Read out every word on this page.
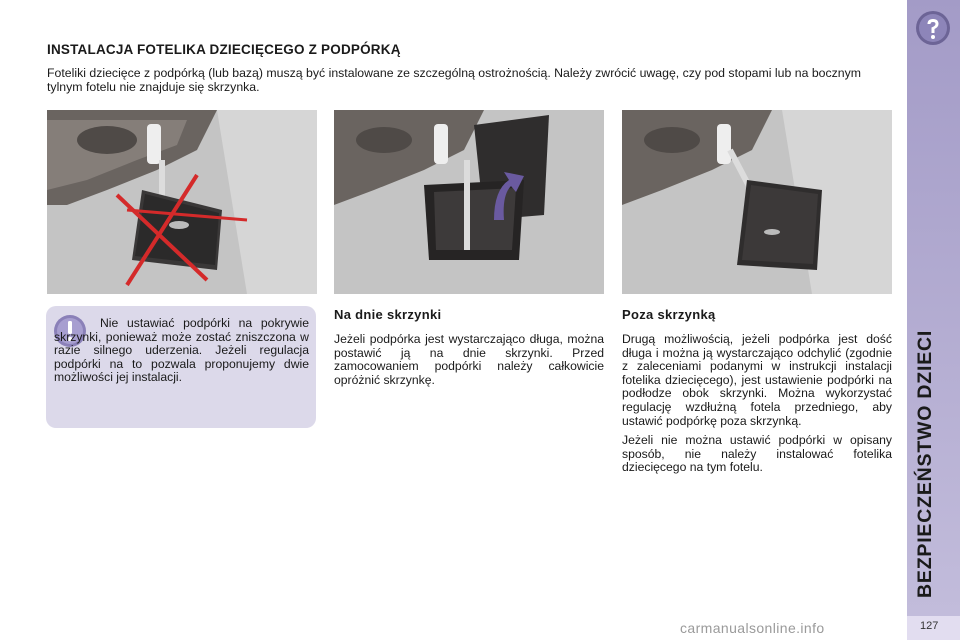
INSTALACJA FOTELIKA DZIECIĘCEGO Z PODPÓRKĄ
Foteliki dziecięce z podpórką (lub bazą) muszą być instalowane ze szczególną ostrożnością. Należy zwrócić uwagę, czy pod stopami lub na bocznym tylnym fotelu nie znajduje się skrzynka.
Nie ustawiać podpórki na pokrywie skrzynki, ponieważ może zostać zniszczona w razie silnego uderzenia. Jeżeli regulacja podpórki na to pozwala proponujemy dwie możliwości jej instalacji.
Na dnie skrzynki
Jeżeli podpórka jest wystarczająco długa, można postawić ją na dnie skrzynki. Przed zamocowaniem podpórki należy całkowicie opróżnić skrzynkę.
Poza skrzynką

Drugą możliwością, jeżeli podpórka jest dość długa i można ją wystarczająco odchylić (zgodnie z zaleceniami podanymi w instrukcji instalacji fotelika dziecięcego), jest ustawienie podpórki na podłodze obok skrzynki. Można wykorzystać regulację wzdłużną fotela przedniego, aby ustawić podpórkę poza skrzynką.

Jeżeli nie można ustawić podpórki w opisany sposób, nie należy instalować fotelika dziecięcego na tym fotelu.	BEZPIECZEŃSTWO DZIECI
127
carmanualsonline.info
